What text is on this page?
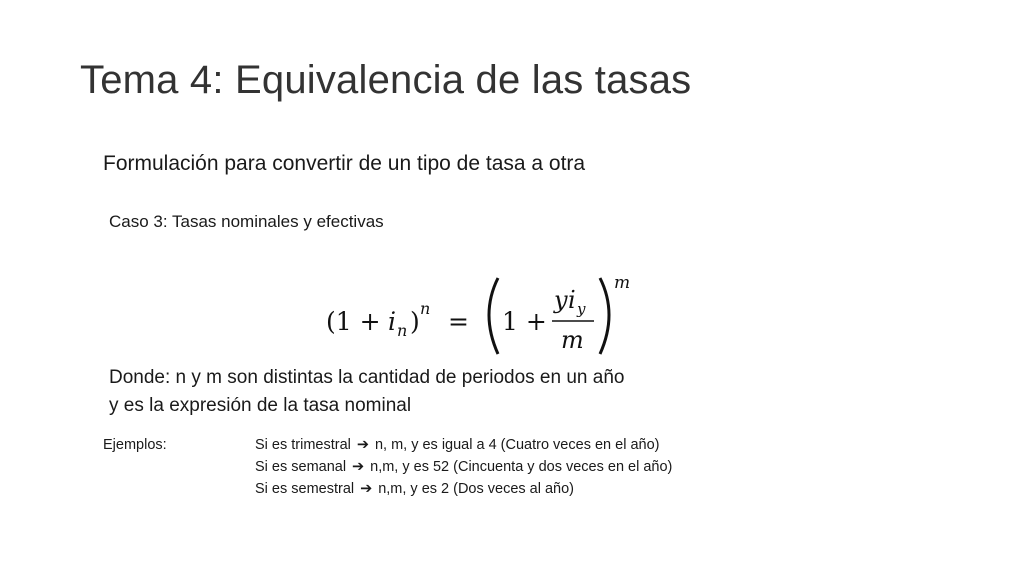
Tema 4: Equivalencia de las tasas
Formulación para convertir de un tipo de tasa a otra
Caso 3: Tasas nominales y efectivas
(1 + i n ) n = 1 +
y i y
m
m
Donde: n y m son distintas la cantidad de periodos en un año
y es la expresión de la tasa nominal
Ejemplos:	Si es trimestral ➔ n, m, y es igual a 4 (Cuatro veces en el año)
Si es semanal ➔ n,m, y es 52 (Cincuenta y dos veces en el año)
Si es semestral ➔ n,m, y es 2 (Dos veces al año)
